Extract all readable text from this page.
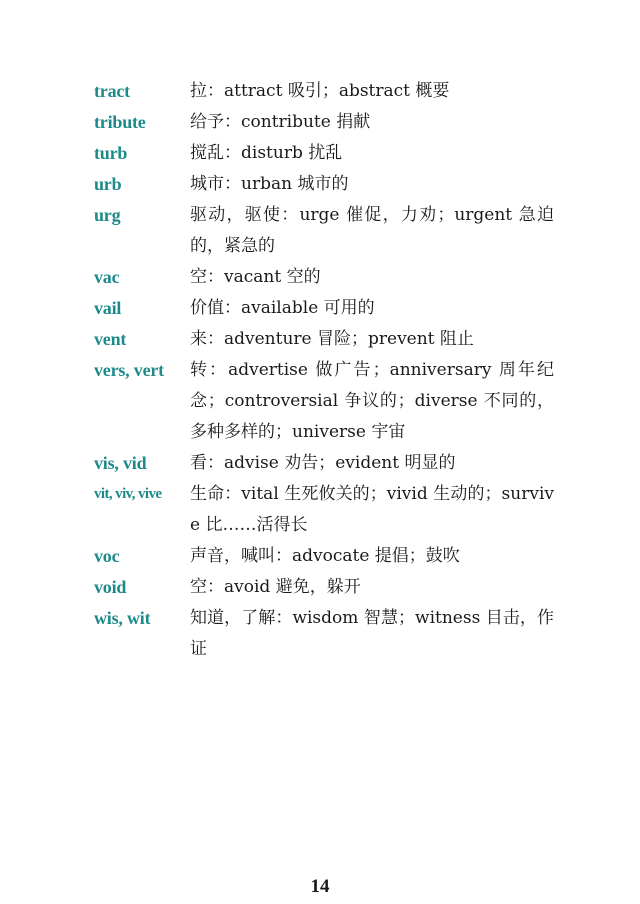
tract	拉：attract 吸引；abstract 概要
tribute	给予：contribute 捐献
turb	搅乱：disturb 扰乱
urb	城市：urban 城市的
urg	驱动，驱使：urge 催促，力劝；urgent 急迫的，紧急的
vac	空：vacant 空的
vail	价值：available 可用的
vent	来：adventure 冒险；prevent 阻止
vers, vert	转：advertise 做广告；anniversary 周年纪念；controversial 争议的；diverse 不同的，多种多样的；universe 宇宙
vis, vid	看：advise 劝告；evident 明显的
vit, viv, vive	生命：vital 生死攸关的；vivid 生动的；survive 比……活得长
voc	声音，喊叫：advocate 提倡；鼓吹
void	空：avoid 避免，躲开
wis, wit	知道，了解：wisdom 智慧；witness 目击，作证
14
